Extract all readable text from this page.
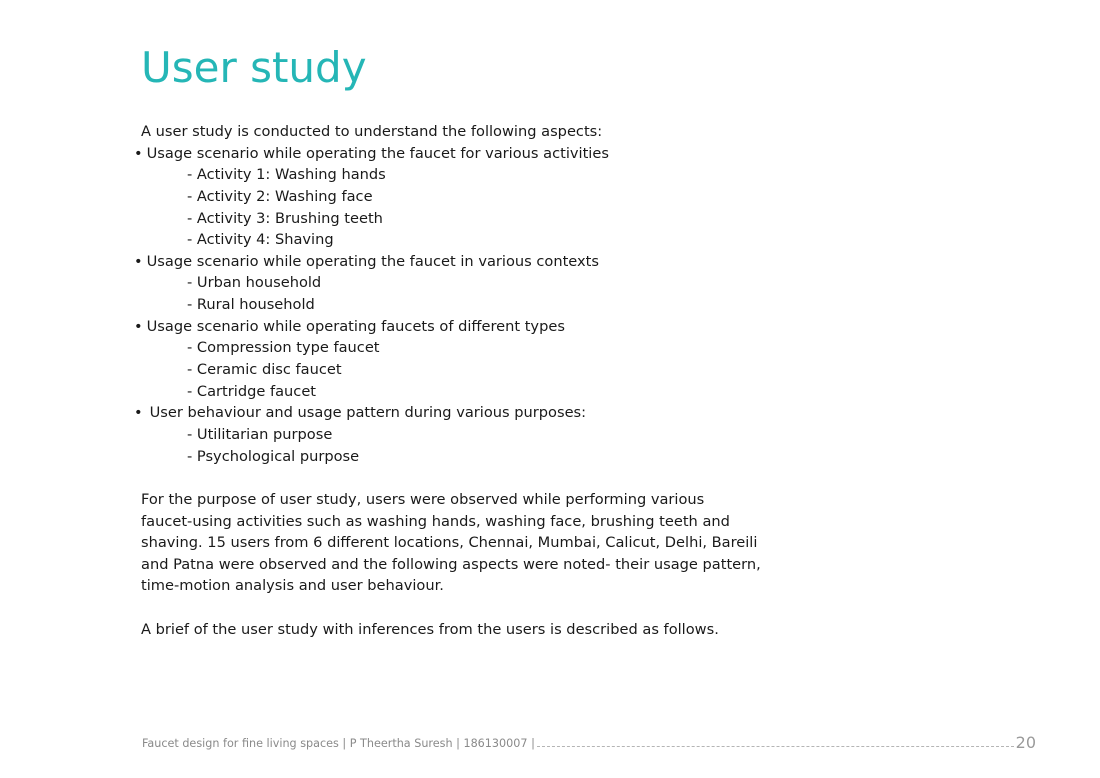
User study
A user study is conducted to understand the following aspects:
• Usage scenario while operating the faucet for various activities
- Activity 1: Washing hands
- Activity 2: Washing face
- Activity 3: Brushing teeth
- Activity 4: Shaving
• Usage scenario while operating the faucet in various contexts
- Urban household
- Rural household
• Usage scenario while operating faucets of different types
- Compression type faucet
- Ceramic disc faucet
- Cartridge faucet
• User behaviour and usage pattern during various purposes:
- Utilitarian purpose
- Psychological purpose
For the purpose of user study, users were observed while performing various
faucet-using activities such as washing hands, washing face, brushing teeth and
shaving. 15 users from 6 different locations, Chennai, Mumbai, Calicut, Delhi, Bareili
and Patna were observed and the following aspects were noted- their usage pattern,
time-motion analysis and user behaviour.
A brief of the user study with inferences from the users is described as follows.
Faucet design for fine living spaces | P Theertha Suresh | 186130007 |	20
